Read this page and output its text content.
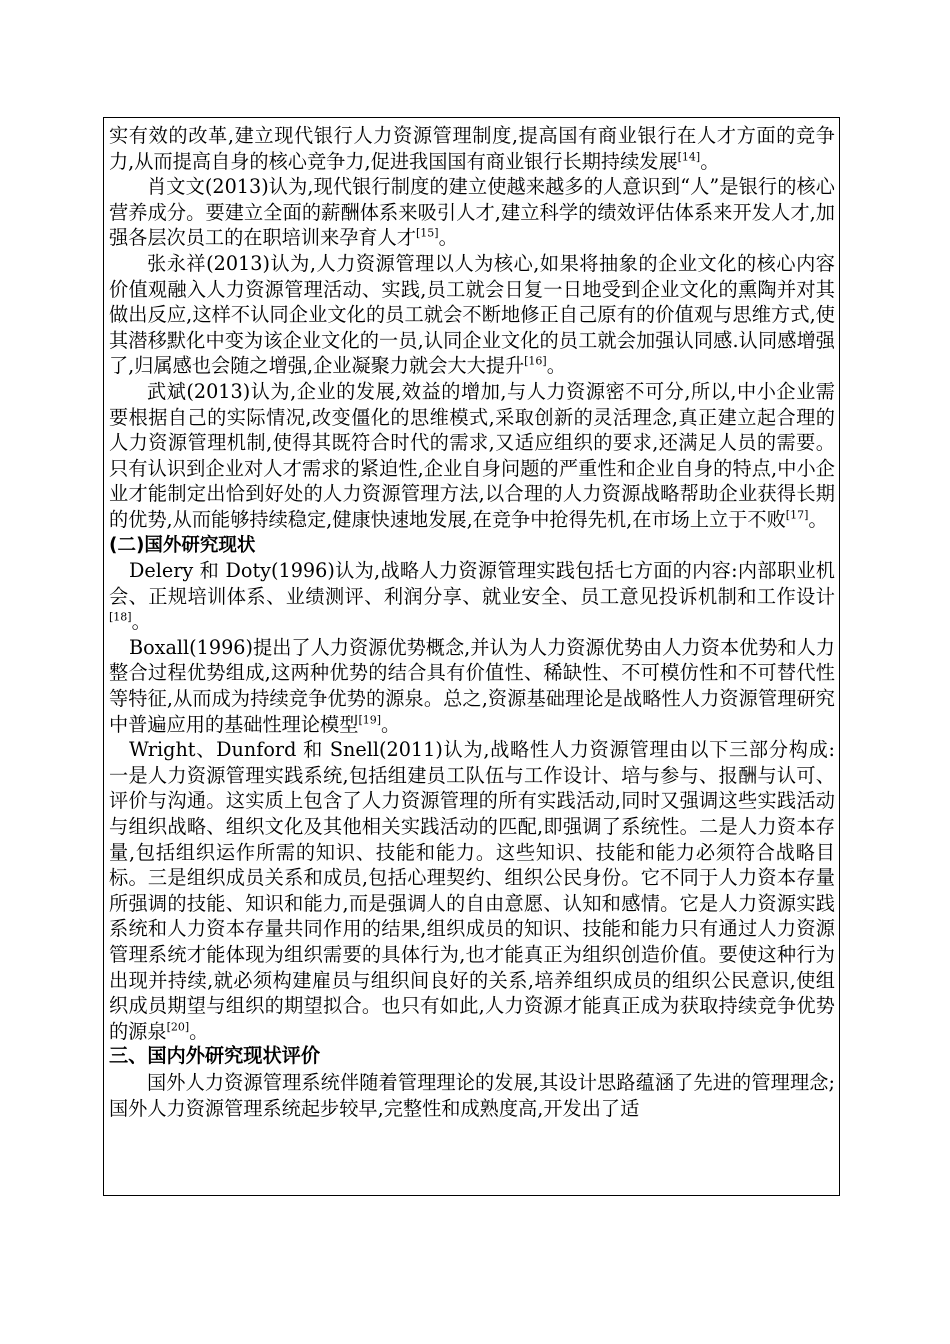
实有效的改革,建立现代银行人力资源管理制度,提高国有商业银行在人才方面的竞争力,从而提高自身的核心竞争力,促进我国国有商业银行长期持续发展[14]。

肖文文(2013)认为,现代银行制度的建立使越来越多的人意识到“人”是银行的核心营养成分。要建立全面的薪酬体系来吸引人才,建立科学的绩效评估体系来开发人才,加强各层次员工的在职培训来孕育人才[15]。

张永祥(2013)认为,人力资源管理以人为核心,如果将抽象的企业文化的核心内容价值观融入人力资源管理活动、实践,员工就会日复一日地受到企业文化的熏陶并对其做出反应,这样不认同企业文化的员工就会不断地修正自己原有的价值观与思维方式,使其潜移默化中变为该企业文化的一员,认同企业文化的员工就会加强认同感.认同感增强了,归属感也会随之增强,企业凝聚力就会大大提升[16]。

武斌(2013)认为,企业的发展,效益的增加,与人力资源密不可分,所以,中小企业需要根据自己的实际情况,改变僵化的思维模式,采取创新的灵活理念,真正建立起合理的人力资源管理机制,使得其既符合时代的需求,又适应组织的要求,还满足人员的需要。只有认识到企业对人才需求的紧迫性,企业自身问题的严重性和企业自身的特点,中小企业才能制定出恰到好处的人力资源管理方法,以合理的人力资源战略帮助企业获得长期的优势,从而能够持续稳定,健康快速地发展,在竞争中抢得先机,在市场上立于不败[17]。

(二)国外研究现状

Delery 和 Doty(1996)认为,战略人力资源管理实践包括七方面的内容:内部职业机会、正规培训体系、业绩测评、利润分享、就业安全、员工意见投诉机制和工作设计[18]。

Boxall(1996)提出了人力资源优势概念,并认为人力资源优势由人力资本优势和人力整合过程优势组成,这两种优势的结合具有价值性、稀缺性、不可模仿性和不可替代性等特征,从而成为持续竞争优势的源泉。总之,资源基础理论是战略性人力资源管理研究中普遍应用的基础性理论模型[19]。

Wright、Dunford 和 Snell(2011)认为,战略性人力资源管理由以下三部分构成:一是人力资源管理实践系统,包括组建员工队伍与工作设计、培与参与、报酬与认可、评价与沟通。这实质上包含了人力资源管理的所有实践活动,同时又强调这些实践活动与组织战略、组织文化及其他相关实践活动的匹配,即强调了系统性。二是人力资本存量,包括组织运作所需的知识、技能和能力。这些知识、技能和能力必须符合战略目标。三是组织成员关系和成员,包括心理契约、组织公民身份。它不同于人力资本存量所强调的技能、知识和能力,而是强调人的自由意愿、认知和感情。它是人力资源实践系统和人力资本存量共同作用的结果,组织成员的知识、技能和能力只有通过人力资源管理系统才能体现为组织需要的具体行为,也才能真正为组织创造价值。要使这种行为出现并持续,就必须构建雇员与组织间良好的关系,培养组织成员的组织公民意识,使组织成员期望与组织的期望拟合。也只有如此,人力资源才能真正成为获取持续竞争优势的源泉[20]。

三、国内外研究现状评价

国外人力资源管理系统伴随着管理理论的发展,其设计思路蕴涵了先进的管理理念;国外人力资源管理系统起步较早,完整性和成熟度高,开发出了适
